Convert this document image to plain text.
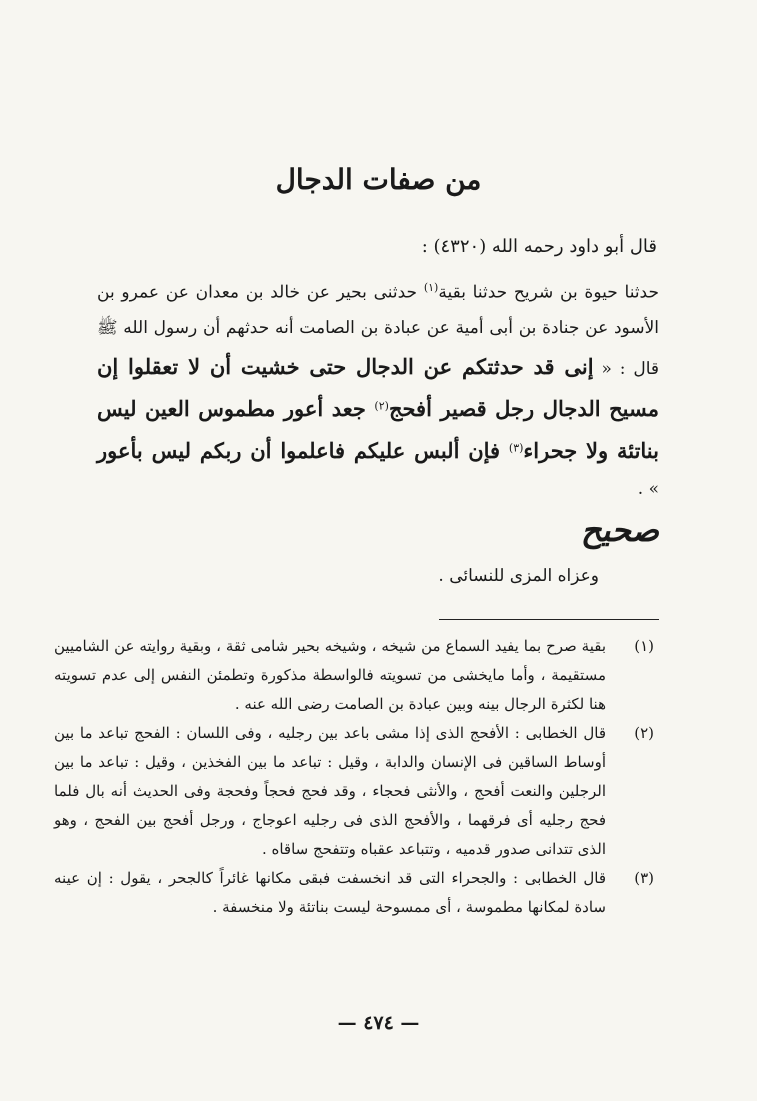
من صفات الدجال
قال أبو داود رحمه الله (٤٣٢٠) :
حدثنا حيوة بن شريح حدثنا بقية$^{(١)}$ حدثنى بحير عن خالد بن معدان عن عمرو بن الأسود عن جنادة بن أبى أمية عن عبادة بن الصامت أنه حدثهم أن رسول الله ﷺ قال : « إنى قد حدثتكم عن الدجال حتى خشيت أن لا تعقلوا إن مسيح الدجال رجل قصير أفحج$^{(٢)}$ جعد أعور مطموس العين ليس بناتئة ولا جحراء$^{(٣)}$ فإن ألبس عليكم فاعلموا أن ربكم ليس بأعور » .
صحيح
وعزاه المزى للنسائى .
(١)
بقية صرح بما يفيد السماع من شيخه ، وشيخه بحير شامى ثقة ، وبقية روايته عن الشاميين مستقيمة ، وأما مايخشى من تسويته فالواسطة مذكورة وتطمئن النفس إلى عدم تسويته هنا لكثرة الرجال بينه وبين عبادة بن الصامت رضى الله عنه .
(٢)
قال الخطابى : الأفحج الذى إذا مشى باعد بين رجليه ، وفى اللسان : الفحج تباعد ما بين أوساط الساقين فى الإنسان والدابة ، وقيل : تباعد ما بين الفخذين ، وقيل : تباعد ما بين الرجلين والنعت أفحج ، والأنثى فحجاء ، وقد فحج فحجاً وفحجة وفى الحديث أنه بال فلما فحج رجليه أى فرقهما ، والأفحج الذى فى رجليه اعوجاج ، ورجل أفحج بين الفحج ، وهو الذى تتدانى صدور قدميه ، وتتباعد عقباه وتتفحج ساقاه .
(٣)
قال الخطابى : والجحراء التى قد انخسفت فبقى مكانها غائراً كالجحر ، يقول : إن عينه سادة لمكانها مطموسة ، أى ممسوحة ليست بناتئة ولا منخسفة .
— ٤٧٤ —
